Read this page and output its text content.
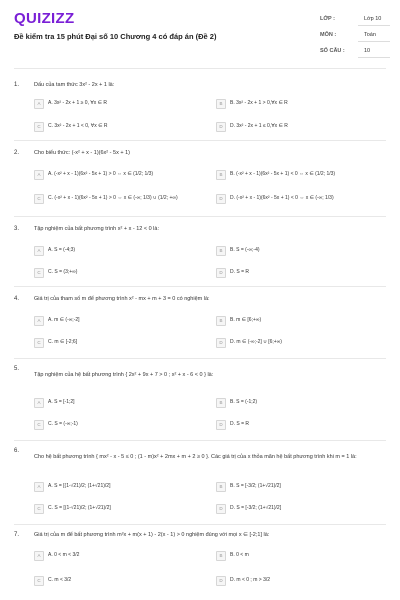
QUIZIZZ
Đề kiểm tra 15 phút Đại số 10 Chương 4 có đáp án (Đề 2)
LỚP :	Lớp 10
MÔN :	Toán
SỐ CÂU :	10
1.	Dấu của tam thức 3x² - 2x + 1 là:
A	A. 3x² - 2x + 1 ≥ 0, ∀x ∈ R	B	B. 3x² - 2x + 1 > 0,∀x ∈ R
C	C. 3x² - 2x + 1 < 0, ∀x ∈ R	D	D. 3x² - 2x + 1 ≤ 0,∀x ∈ R
2.	Cho biểu thức: (-x² + x - 1)(6x² - 5x + 1)
A	A. (-x² + x - 1)(6x² - 5x + 1) > 0 ⇔ x ∈ (1/2; 1/3)	B	B. (-x² + x - 1)(6x² - 5x + 1) < 0 ⇔ x ∈ (1/2; 1/3)
C	C. (-x² + x - 1)(6x² - 5x + 1) > 0 ⇔ x ∈ (-∞; 1/3) ∪ (1/2; +∞)	D	D. (-x² + x - 1)(6x² - 5x + 1) < 0 ⇔ x ∈ (-∞; 1/3)
3.	Tập nghiệm của bất phương trình x² + x - 12 < 0 là:
A	A. S = (-4;3)	B	B. S = (-∞;-4)
C	C. S = (3;+∞)	D	D. S = R
4.	Giá trị của tham số m để phương trình x² - mx + m + 3 = 0 có nghiệm là:
A	A. m ∈ (-∞;-2]	B	B. m ∈ [6;+∞)
C	C. m ∈ [-2;6]	D	D. m ∈ (-∞;-2] ∪ [6;+∞)
5.
Tập nghiệm của hệ bất phương trình { 2x² + 9x + 7 > 0 ; x² + x - 6 < 0 } là:
A	A. S = [-1;2]	B	B. S = (-1;2)
C	C. S = (-∞;-1)	D	D. S = R
6.
Cho hệ bất phương trình { mx² - x - 5 ≤ 0 ; (1 - m)x² + 2mx + m + 2 ≥ 0 }. Các giá trị của x thỏa mãn hệ bất phương trình khi m = 1 là:
A	A. S = [(1-√21)/2; (1+√21)/2]	B	B. S = [-3/2; (1+√21)/2]
C	C. S = [(1-√21)/2; (1+√21)/2]	D	D. S = [-3/2; (1+√21)/2]
7.	Giá trị của m để bất phương trình m²x + m(x + 1) - 2(x - 1) > 0 nghiệm đúng với mọi x ∈ [-2;1] là:
A	A. 0 < m < 3/2	B	B. 0 < m
C	C. m < 3/2	D	D. m < 0 ; m > 3/2
